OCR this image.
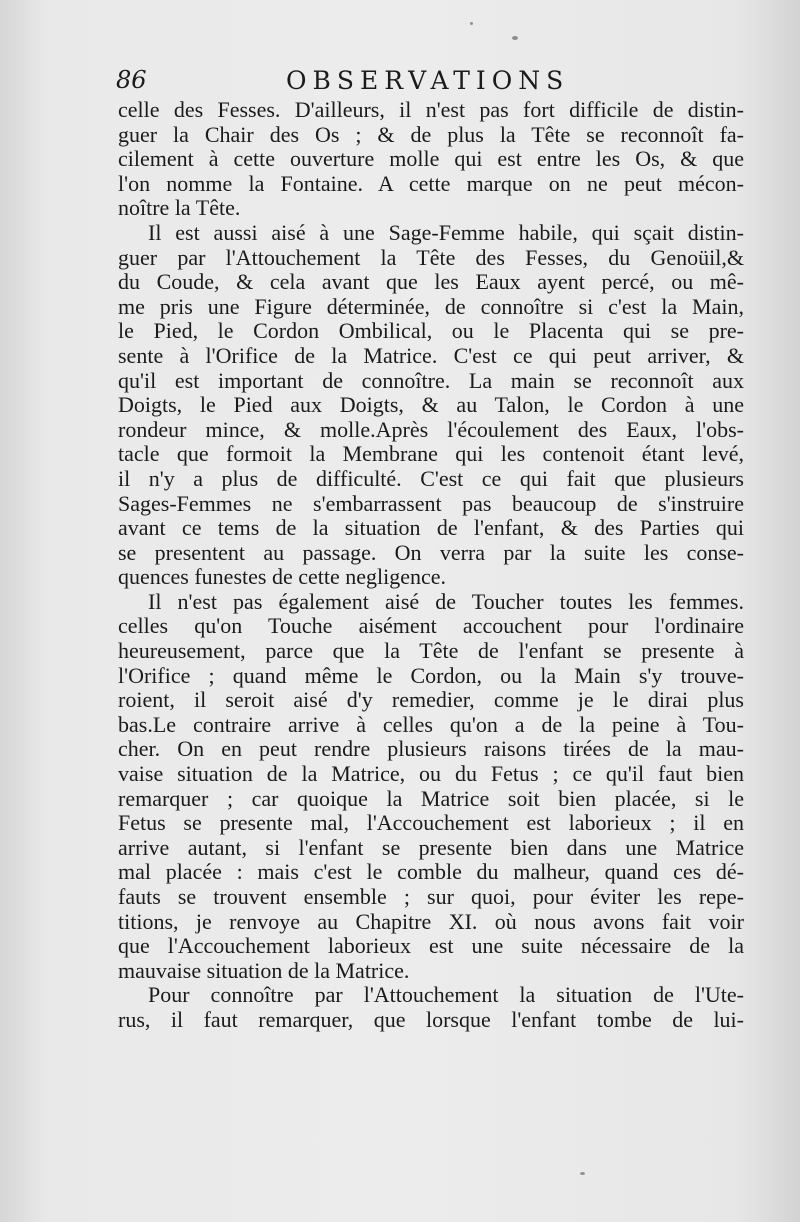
86	OBSERVATIONS
celle des Fesses. D'ailleurs, il n'est pas fort difficile de distin-
guer la Chair des Os ; & de plus la Tête se reconnoît fa-
cilement à cette ouverture molle qui est entre les Os, & que
l'on nomme la Fontaine. A cette marque on ne peut mécon-
noître la Tête.
Il est aussi aisé à une Sage-Femme habile, qui sçait distin-
guer par l'Attouchement la Tête des Fesses, du Genoüil,&
du Coude, & cela avant que les Eaux ayent percé, ou mê-
me pris une Figure déterminée, de connoître si c'est la Main,
le Pied, le Cordon Ombilical, ou le Placenta qui se pre-
sente à l'Orifice de la Matrice. C'est ce qui peut arriver, &
qu'il est important de connoître. La main se reconnoît aux
Doigts, le Pied aux Doigts, & au Talon, le Cordon à une
rondeur mince, & molle.Après l'écoulement des Eaux, l'obs-
tacle que formoit la Membrane qui les contenoit étant levé,
il n'y a plus de difficulté. C'est ce qui fait que plusieurs
Sages-Femmes ne s'embarrassent pas beaucoup de s'instruire
avant ce tems de la situation de l'enfant, & des Parties qui
se presentent au passage. On verra par la suite les conse-
quences funestes de cette negligence.
Il n'est pas également aisé de Toucher toutes les femmes.
celles qu'on Touche aisément accouchent pour l'ordinaire
heureusement, parce que la Tête de l'enfant se presente à
l'Orifice ; quand même le Cordon, ou la Main s'y trouve-
roient, il seroit aisé d'y remedier, comme je le dirai plus
bas.Le contraire arrive à celles qu'on a de la peine à Tou-
cher. On en peut rendre plusieurs raisons tirées de la mau-
vaise situation de la Matrice, ou du Fetus ; ce qu'il faut bien
remarquer ; car quoique la Matrice soit bien placée, si le
Fetus se presente mal, l'Accouchement est laborieux ; il en
arrive autant, si l'enfant se presente bien dans une Matrice
mal placée : mais c'est le comble du malheur, quand ces dé-
fauts se trouvent ensemble ; sur quoi, pour éviter les repe-
titions, je renvoye au Chapitre XI. où nous avons fait voir
que l'Accouchement laborieux est une suite nécessaire de la
mauvaise situation de la Matrice.
Pour connoître par l'Attouchement la situation de l'Ute-
rus, il faut remarquer, que lorsque l'enfant tombe de lui-
